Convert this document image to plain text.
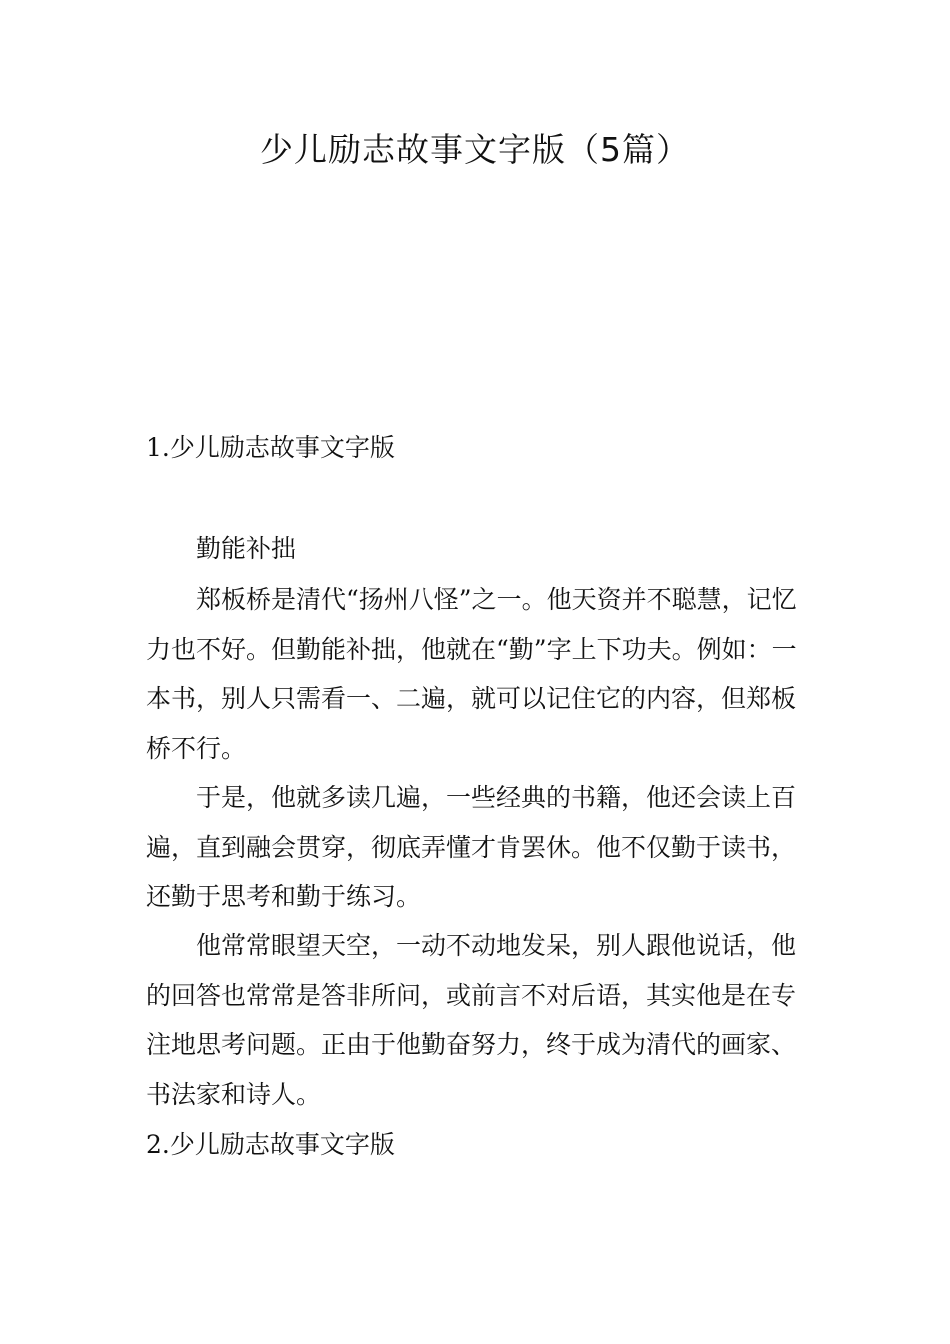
少儿励志故事文字版（5篇）
1.少儿励志故事文字版
勤能补拙

郑板桥是清代“扬州八怪”之一。他天资并不聪慧，记忆力也不好。但勤能补拙，他就在“勤”字上下功夫。例如：一本书，别人只需看一、二遍，就可以记住它的内容，但郑板桥不行。

于是，他就多读几遍，一些经典的书籍，他还会读上百遍，直到融会贯穿，彻底弄懂才肯罢休。他不仅勤于读书，还勤于思考和勤于练习。

他常常眼望天空，一动不动地发呆，别人跟他说话，他的回答也常常是答非所问，或前言不对后语，其实他是在专注地思考问题。正由于他勤奋努力，终于成为清代的画家、书法家和诗人。

2.少儿励志故事文字版
